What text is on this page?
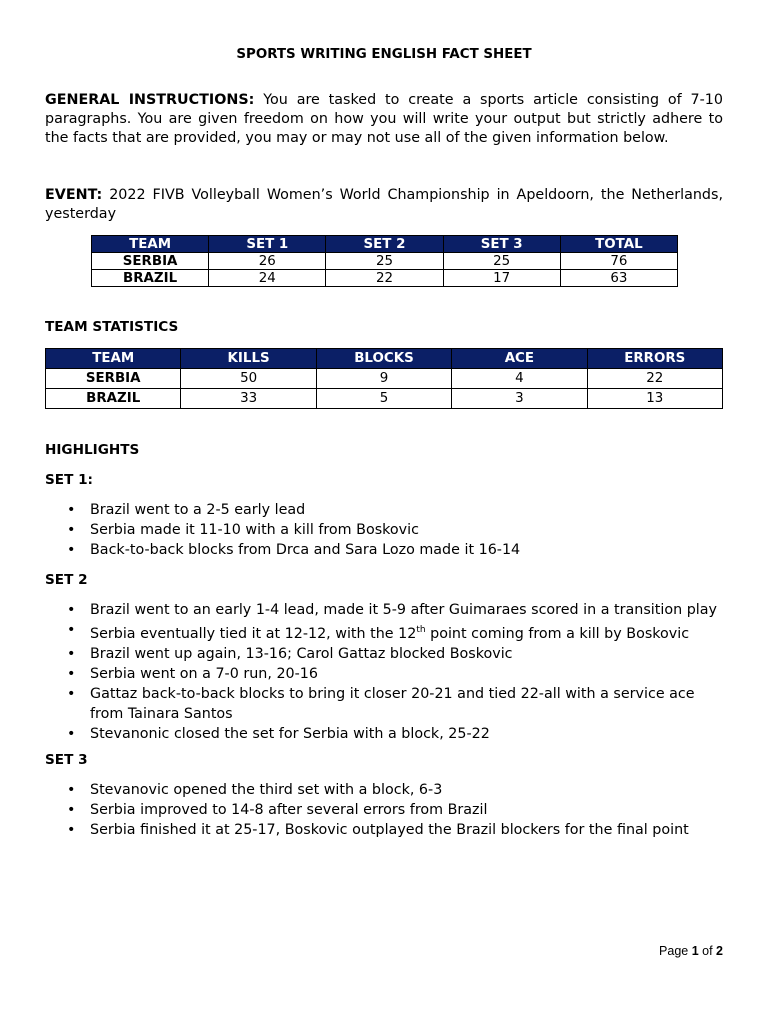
SPORTS WRITING ENGLISH FACT SHEET
GENERAL INSTRUCTIONS: You are tasked to create a sports article consisting of 7-10 paragraphs. You are given freedom on how you will write your output but strictly adhere to the facts that are provided, you may or may not use all of the given information below.
EVENT: 2022 FIVB Volleyball Women’s World Championship in Apeldoorn, the Netherlands, yesterday
TEAM	SET 1	SET 2	SET 3	TOTAL
SERBIA	26	25	25	76
BRAZIL	24	22	17	63
TEAM STATISTICS
TEAM	KILLS	BLOCKS	ACE	ERRORS
SERBIA	50	9	4	22
BRAZIL	33	5	3	13
HIGHLIGHTS
SET 1:
• Brazil went to a 2-5 early lead
• Serbia made it 11-10 with a kill from Boskovic
• Back-to-back blocks from Drca and Sara Lozo made it 16-14
SET 2
• Brazil went to an early 1-4 lead, made it 5-9 after Guimaraes scored in a transition play
• Serbia eventually tied it at 12-12, with the 12th point coming from a kill by Boskovic
• Brazil went up again, 13-16; Carol Gattaz blocked Boskovic
• Serbia went on a 7-0 run, 20-16
• Gattaz back-to-back blocks to bring it closer 20-21 and tied 22-all with a service ace from Tainara Santos
• Stevanonic closed the set for Serbia with a block, 25-22
SET 3
• Stevanovic opened the third set with a block, 6-3
• Serbia improved to 14-8 after several errors from Brazil
• Serbia finished it at 25-17, Boskovic outplayed the Brazil blockers for the final point
Page 1 of 2
